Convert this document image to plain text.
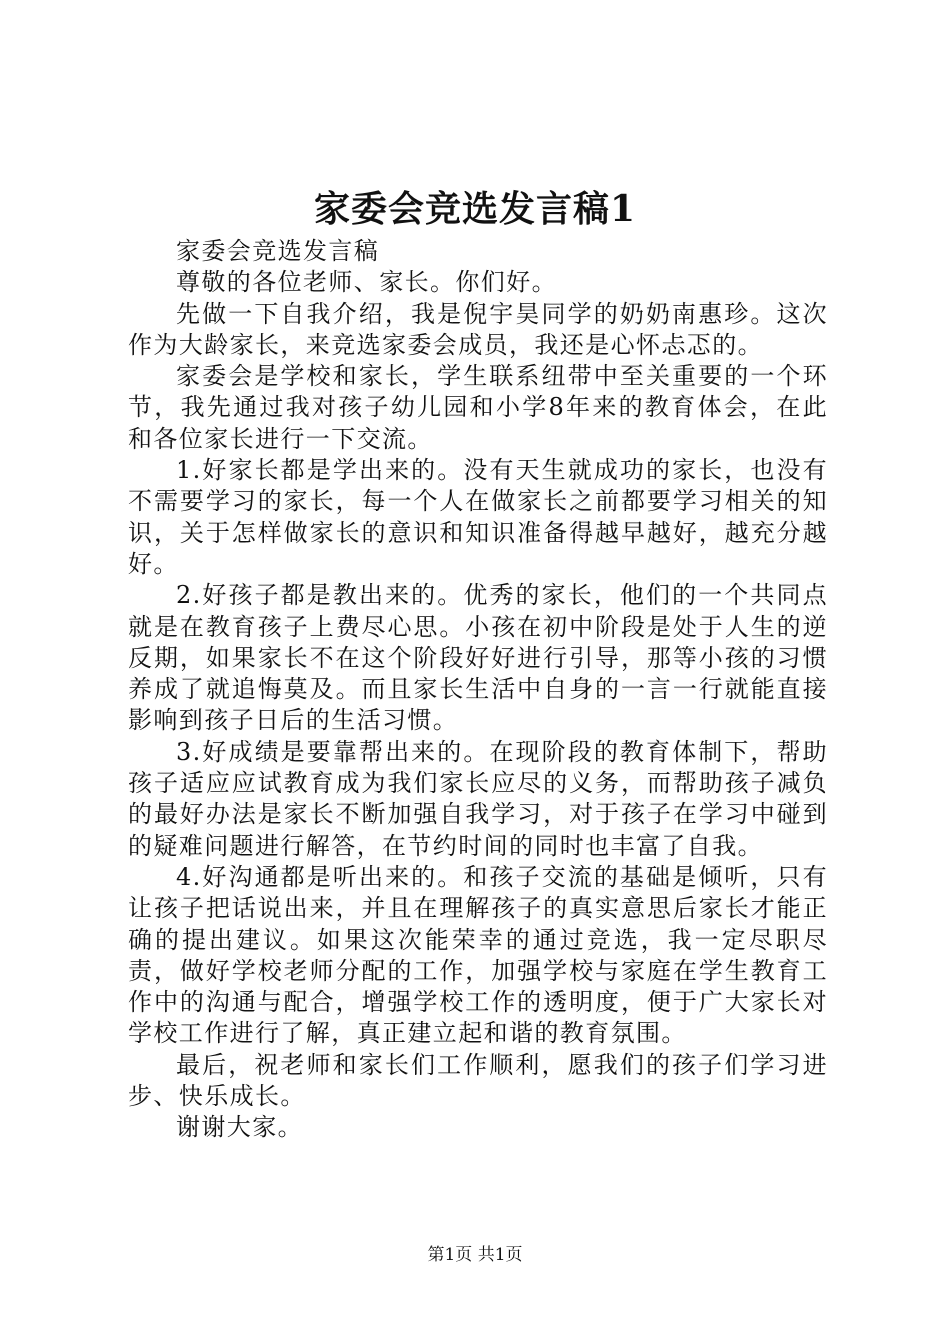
家委会竞选发言稿1

家委会竞选发言稿

尊敬的各位老师、家长。你们好。

先做一下自我介绍，我是倪宇昊同学的奶奶南惠珍。这次作为大龄家长，来竞选家委会成员，我还是心怀忐忑的。

家委会是学校和家长，学生联系纽带中至关重要的一个环节，我先通过我对孩子幼儿园和小学8年来的教育体会，在此和各位家长进行一下交流。

1.好家长都是学出来的。没有天生就成功的家长，也没有不需要学习的家长，每一个人在做家长之前都要学习相关的知识，关于怎样做家长的意识和知识准备得越早越好，越充分越好。

2.好孩子都是教出来的。优秀的家长，他们的一个共同点就是在教育孩子上费尽心思。小孩在初中阶段是处于人生的逆反期，如果家长不在这个阶段好好进行引导，那等小孩的习惯养成了就追悔莫及。而且家长生活中自身的一言一行就能直接影响到孩子日后的生活习惯。

3.好成绩是要靠帮出来的。在现阶段的教育体制下，帮助孩子适应应试教育成为我们家长应尽的义务，而帮助孩子减负的最好办法是家长不断加强自我学习，对于孩子在学习中碰到的疑难问题进行解答，在节约时间的同时也丰富了自我。

4.好沟通都是听出来的。和孩子交流的基础是倾听，只有让孩子把话说出来，并且在理解孩子的真实意思后家长才能正确的提出建议。如果这次能荣幸的通过竞选，我一定尽职尽责，做好学校老师分配的工作，加强学校与家庭在学生教育工作中的沟通与配合，增强学校工作的透明度，便于广大家长对学校工作进行了解，真正建立起和谐的教育氛围。

最后，祝老师和家长们工作顺利，愿我们的孩子们学习进步、快乐成长。

谢谢大家。

第1页 共1页
